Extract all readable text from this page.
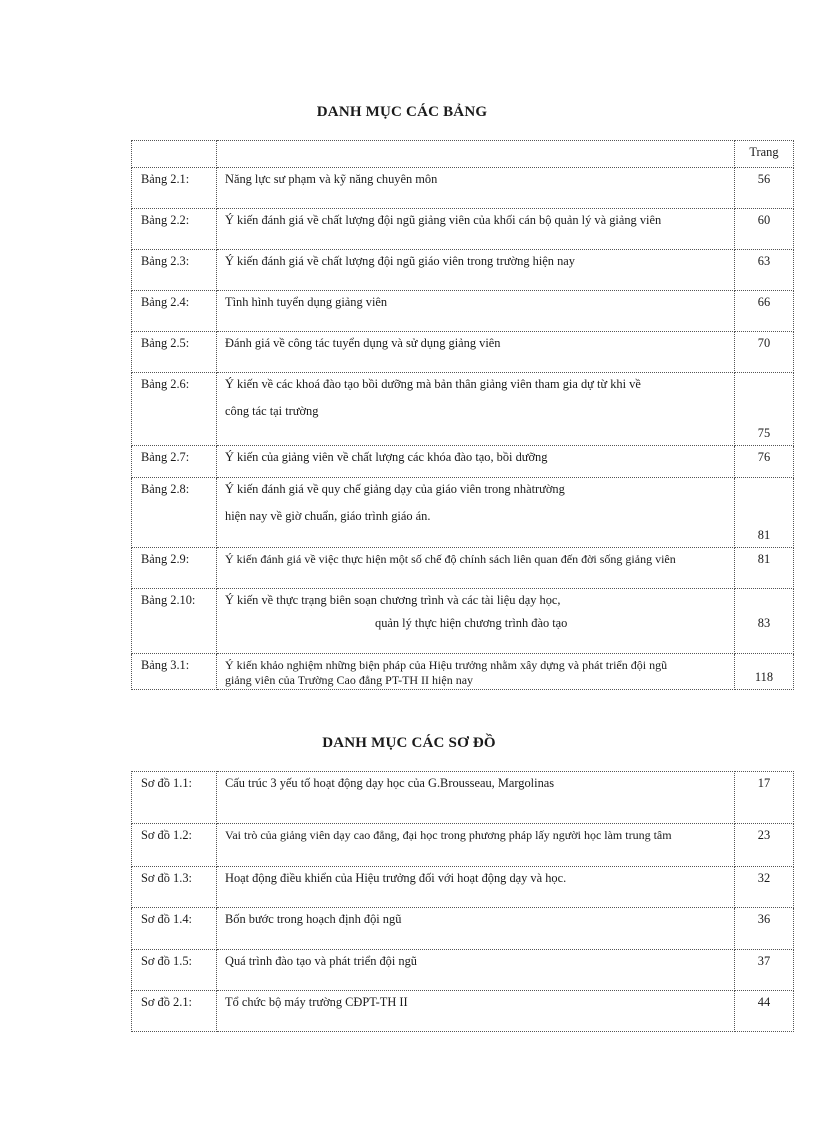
DANH MỤC CÁC BẢNG
		Trang
Bảng 2.1:	Năng lực sư phạm và kỹ năng chuyên môn	56
Bảng 2.2:	Ý kiến đánh giá về chất lượng đội ngũ giảng viên của khối cán bộ quản lý và giảng viên	60
Bảng 2.3:	Ý kiến đánh giá về chất lượng đội ngũ giáo viên trong trường hiện nay	63
Bảng 2.4:	Tình hình tuyển dụng giảng viên	66
Bảng 2.5:	Đánh giá về công tác tuyển dụng và sử dụng giảng viên	70
Bảng 2.6:	Ý kiến về các khoá đào tạo bồi dưỡng mà bản thân giảng viên tham gia dự từ khi về
công tác tại trường	75
Bảng 2.7:	Ý kiến của giảng viên về chất lượng các khóa đào tạo, bồi dưỡng	76
Bảng 2.8:	Ý kiến đánh giá về quy chế giảng dạy của giáo viên trong nhàtrường
hiện nay về giờ chuẩn, giáo trình giáo án.	81
Bảng 2.9:	Ý kiến đánh giá về việc thực hiện một số chế độ chính sách liên quan đến đời sống giảng viên	81
Bảng 2.10:	Ý kiến về thực trạng biên soạn chương trình và các tài liệu dạy học,
quản lý thực hiện chương trình đào tạo	83
Bảng 3.1:	Ý kiến khảo nghiệm những biện pháp của Hiệu trưởng nhằm xây dựng và phát triển đội ngũ
giảng viên của Trường Cao đẳng PT-TH II hiện nay	118
DANH MỤC CÁC SƠ ĐỒ
Sơ đồ 1.1:	Cấu trúc 3 yếu tố hoạt động dạy học của G.Brousseau, Margolinas	17
Sơ đồ 1.2:	Vai trò của giảng viên dạy cao đẳng, đại học trong phương pháp lấy người học làm trung tâm	23
Sơ đồ 1.3:	Hoạt động điều khiển của Hiệu trưởng đối với hoạt động dạy và học.	32
Sơ đồ 1.4:	Bốn bước trong hoạch định đội ngũ	36
Sơ đồ 1.5:	Quá trình đào tạo và phát triển đội ngũ	37
Sơ đồ 2.1:	Tổ chức bộ máy trường CĐPT-TH II	44
